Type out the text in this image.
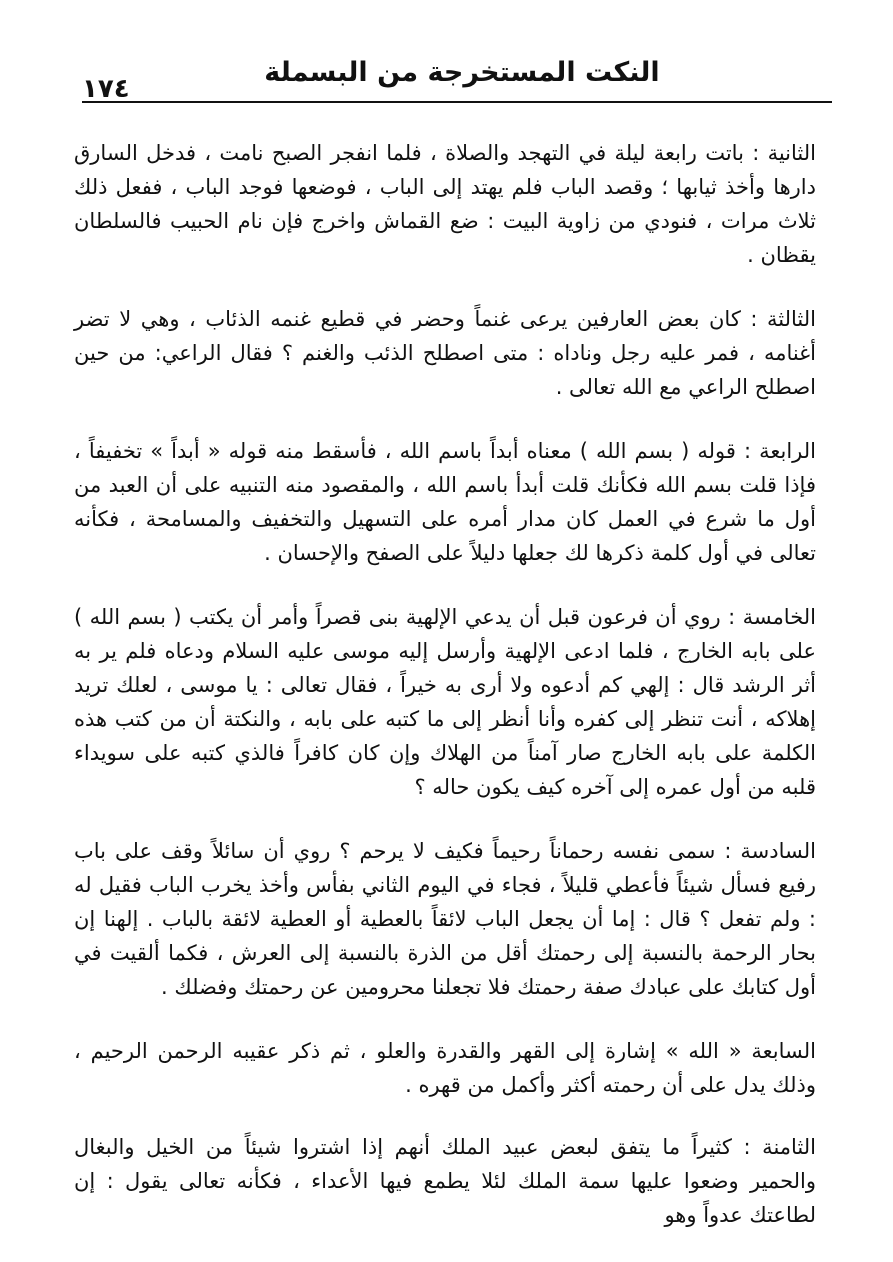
النكت المستخرجة من البسملة
١٧٤

الثانية : باتت رابعة ليلة في التهجد والصلاة ، فلما انفجر الصبح نامت ، فدخل السارق دارها وأخذ ثيابها ؛ وقصد الباب فلم يهتد إلى الباب ، فوضعها فوجد الباب ، ففعل ذلك ثلاث مرات ، فنودي من زاوية البيت : ضع القماش واخرج فإن نام الحبيب فالسلطان يقظان .

الثالثة : كان بعض العارفين يرعى غنماً وحضر في قطيع غنمه الذئاب ، وهي لا تضر أغنامه ، فمر عليه رجل وناداه : متى اصطلح الذئب والغنم ؟ فقال الراعي: من حين اصطلح الراعي مع الله تعالى .

الرابعة : قوله ( بسم الله ) معناه أبداً باسم الله ، فأسقط منه قوله « أبداً » تخفيفاً ، فإذا قلت بسم الله فكأنك قلت أبدأ باسم الله ، والمقصود منه التنبيه على أن العبد من أول ما شرع في العمل كان مدار أمره على التسهيل والتخفيف والمسامحة ، فكأنه تعالى في أول كلمة ذكرها لك جعلها دليلاً على الصفح والإحسان .

الخامسة : روي أن فرعون قبل أن يدعي الإلهية بنى قصراً وأمر أن يكتب ( بسم الله ) على بابه الخارج ، فلما ادعى الإلهية وأرسل إليه موسى عليه السلام ودعاه فلم ير به أثر الرشد قال : إلهي كم أدعوه ولا أرى به خيراً ، فقال تعالى : يا موسى ، لعلك تريد إهلاكه ، أنت تنظر إلى كفره وأنا أنظر إلى ما كتبه على بابه ، والنكتة أن من كتب هذه الكلمة على بابه الخارج صار آمناً من الهلاك وإن كان كافراً فالذي كتبه على سويداء قلبه من أول عمره إلى آخره كيف يكون حاله ؟

السادسة : سمى نفسه رحماناً رحيماً فكيف لا يرحم ؟ روي أن سائلاً وقف على باب رفيع فسأل شيئاً فأعطي قليلاً ، فجاء في اليوم الثاني بفأس وأخذ يخرب الباب فقيل له : ولم تفعل ؟ قال : إما أن يجعل الباب لائقاً بالعطية أو العطية لائقة بالباب . إلهنا إن بحار الرحمة بالنسبة إلى رحمتك أقل من الذرة بالنسبة إلى العرش ، فكما ألقيت في أول كتابك على عبادك صفة رحمتك فلا تجعلنا محرومين عن رحمتك وفضلك .

السابعة « الله » إشارة إلى القهر والقدرة والعلو ، ثم ذكر عقيبه الرحمن الرحيم ، وذلك يدل على أن رحمته أكثر وأكمل من قهره .

الثامنة : كثيراً ما يتفق لبعض عبيد الملك أنهم إذا اشتروا شيئاً من الخيل والبغال والحمير وضعوا عليها سمة الملك لئلا يطمع فيها الأعداء ، فكأنه تعالى يقول : إن لطاعتك عدواً وهو
